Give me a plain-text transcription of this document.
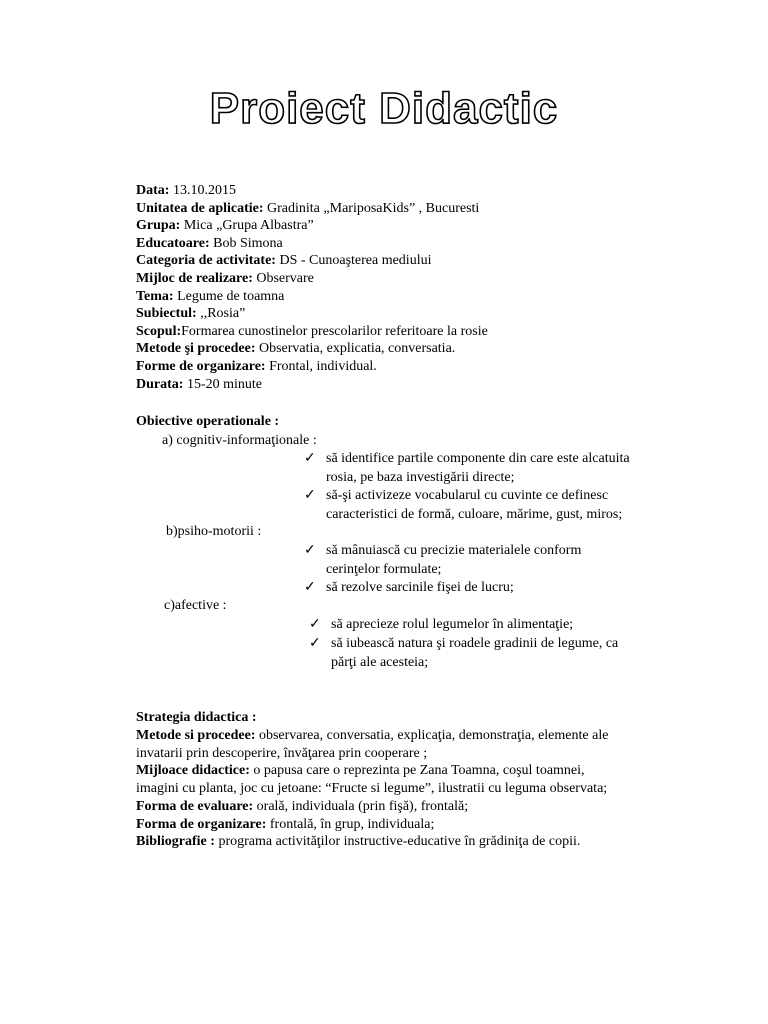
Proiect Didactic
Data: 13.10.2015
Unitatea de aplicatie: Gradinita „MariposaKids” , Bucuresti
Grupa: Mica „Grupa Albastra”
Educatoare: Bob Simona
Categoria de activitate: DS - Cunoaşterea mediului
Mijloc de realizare: Observare
Tema: Legume de toamna
Subiectul: ,,Rosia”
Scopul:Formarea cunostinelor prescolarilor referitoare la rosie
Metode şi procedee: Observatia, explicatia, conversatia.
Forme de organizare: Frontal, individual.
Durata: 15-20 minute
Obiective operationale :
a) cognitiv-informaţionale :
✓ să identifice partile componente din care este alcatuita
rosia, pe baza investigării directe;
✓ să-şi activizeze vocabularul cu cuvinte ce definesc
caracteristici de formă, culoare, mărime, gust, miros;
b)psiho-motorii :
✓ să mânuiască cu precizie materialele conform
cerinţelor formulate;
✓ să rezolve sarcinile fişei de lucru;
c)afective :
✓ să aprecieze rolul legumelor în alimentaţie;
✓ să iubească natura şi roadele gradinii de legume, ca
părţi ale acesteia;
Strategia didactica :
Metode si procedee: observarea, conversatia, explicaţia, demonstraţia, elemente ale
invatarii prin descoperire, învăţarea prin cooperare ;
Mijloace didactice: o papusa care o reprezinta pe Zana Toamna, coşul toamnei,
imagini cu planta, joc cu jetoane: “Fructe si legume”, ilustratii cu leguma observata;
Forma de evaluare: orală, individuala (prin fişă), frontală;
Forma de organizare: frontală, în grup, individuala;
Bibliografie : programa activităţilor instructive-educative în grădiniţa de copii.
